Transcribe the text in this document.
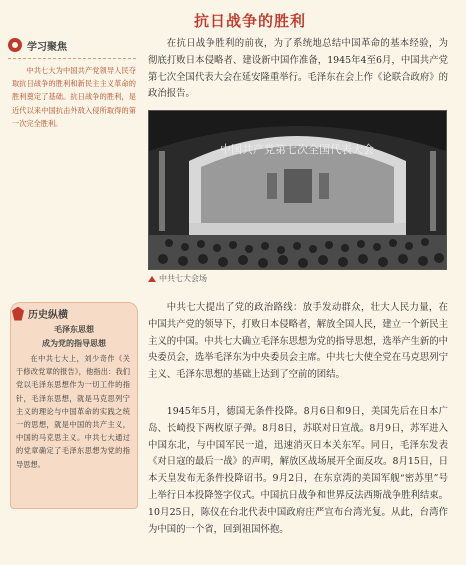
抗日战争的胜利
学习聚焦

中共七大为中国共产党领导人民夺取抗日战争的胜利和新民主主义革命的胜利奠定了基础。抗日战争的胜利，是近代以来中国抗击外敌入侵所取得的第一次完全胜利。

历史纵横
毛泽东思想
成为党的指导思想

在中共七大上，刘少奇作《关于修改党章的报告》，他指出：我们党以毛泽东思想作为一切工作的指针，毛泽东思想，就是马克思列宁主义的理论与中国革命的实践之统一的思想，就是中国的共产主义，中国的马克思主义。中共七大通过的党章确定了毛泽东思想为党的指导思想。

在抗日战争胜利的前夜，为了系统地总结中国革命的基本经验，为彻底打败日本侵略者、建设新中国作准备，1945年4至6月，中国共产党第七次全国代表大会在延安隆重举行。毛泽东在会上作《论联合政府》的政治报告。

中国共产党第七次全国代表大会
中共七大会场

中共七大提出了党的政治路线：放手发动群众，壮大人民力量，在中国共产党的领导下，打败日本侵略者，解放全国人民，建立一个新民主主义的中国。中共七大确立毛泽东思想为党的指导思想，选举产生新的中央委员会，选举毛泽东为中央委员会主席。中共七大使全党在马克思列宁主义、毛泽东思想的基础上达到了空前的团结。

1945年5月，德国无条件投降。8月6日和9日，美国先后在日本广岛、长崎投下两枚原子弹。8月8日，苏联对日宣战。8月9日，苏军进入中国东北，与中国军民一道，迅速消灭日本关东军。同日，毛泽东发表《对日寇的最后一战》的声明，解放区战场展开全面反攻。8月15日，日本天皇发布无条件投降诏书。9月2日，在东京湾的美国军舰“密苏里”号上举行日本投降签字仪式。中国抗日战争和世界反法西斯战争胜利结束。10月25日，陈仪在台北代表中国政府庄严宣布台湾光复。从此，台湾作为中国的一个省，回到祖国怀抱。
